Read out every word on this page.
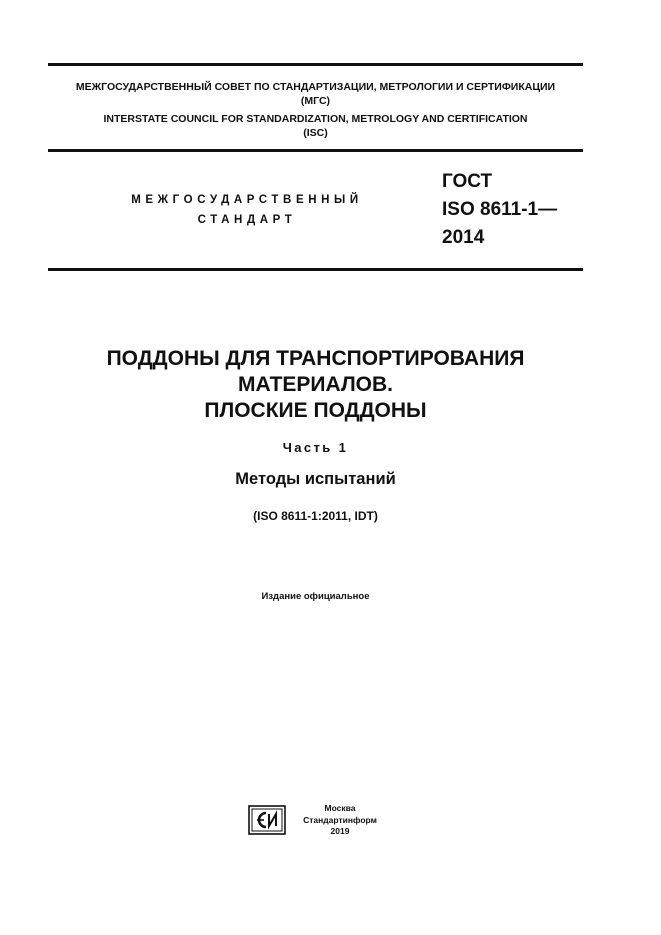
МЕЖГОСУДАРСТВЕННЫЙ СОВЕТ ПО СТАНДАРТИЗАЦИИ, МЕТРОЛОГИИ И СЕРТИФИКАЦИИ
(МГС)
INTERSTATE COUNCIL FOR STANDARDIZATION, METROLOGY AND CERTIFICATION
(ISC)
МЕЖГОСУДАРСТВЕННЫЙ
СТАНДАРТ
ГОСТ
ISO 8611-1—
2014
ПОДДОНЫ ДЛЯ ТРАНСПОРТИРОВАНИЯ
МАТЕРИАЛОВ.
ПЛОСКИЕ ПОДДОНЫ
Часть 1
Методы испытаний
(ISO 8611-1:2011, IDT)
Издание официальное
Москва
Стандартинформ
2019
